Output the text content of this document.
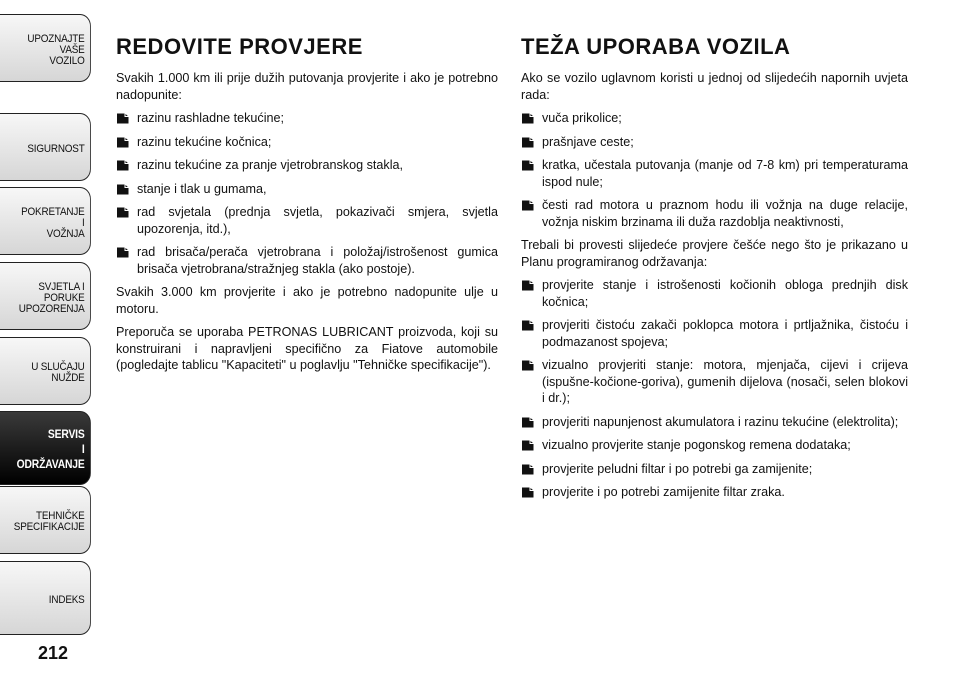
UPOZNAJTE
VAŠE
VOZILO
SIGURNOST
POKRETANJE
I
VOŽNJA
SVJETLA I
PORUKE
UPOZORENJA
U SLUČAJU
NUŽDE
SERVIS
I
ODRŽAVANJE
TEHNIČKE
SPECIFIKACIJE
INDEKS
212
REDOVITE PROVJERE

Svakih 1.000 km ili prije dužih putovanja provjerite i ako je potrebno nadopunite:

razinu rashladne tekućine;
razinu tekućine kočnica;
razinu tekućine za pranje vjetrobranskog stakla,
stanje i tlak u gumama,
rad svjetala (prednja svjetla, pokazivači smjera, svjetla upozorenja, itd.),
rad brisača/perača vjetrobrana i položaj/istrošenost gumica brisača vjetrobrana/stražnjeg stakla (ako postoje).

Svakih 3.000 km provjerite i ako je potrebno nadopunite ulje u motoru.

Preporuča se uporaba PETRONAS LUBRICANT proizvoda, koji su konstruirani i napravljeni specifično za Fiatove automobile (pogledajte tablicu "Kapaciteti" u poglavlju "Tehničke specifikacije").

TEŽA UPORABA VOZILA

Ako se vozilo uglavnom koristi u jednoj od slijedećih napornih uvjeta rada:

vuča prikolice;
prašnjave ceste;
kratka, učestala putovanja (manje od 7-8 km) pri temperaturama ispod nule;
česti rad motora u praznom hodu ili vožnja na duge relacije, vožnja niskim brzinama ili duža razdoblja neaktivnosti,

Trebali bi provesti slijedeće provjere češće nego što je prikazano u Planu programiranog održavanja:

provjerite stanje i istrošenosti kočionih obloga prednjih disk kočnica;
provjeriti čistoću zakači poklopca motora i prtljažnika, čistoću i podmazanost spojeva;
vizualno provjeriti stanje: motora, mjenjača, cijevi i crijeva (ispušne-kočione-goriva), gumenih dijelova (nosači, selen blokovi i dr.);
provjeriti napunjenost akumulatora i razinu tekućine (elektrolita);
vizualno provjerite stanje pogonskog remena dodataka;
provjerite peludni filtar i po potrebi ga zamijenite;
provjerite i po potrebi zamijenite filtar zraka.
